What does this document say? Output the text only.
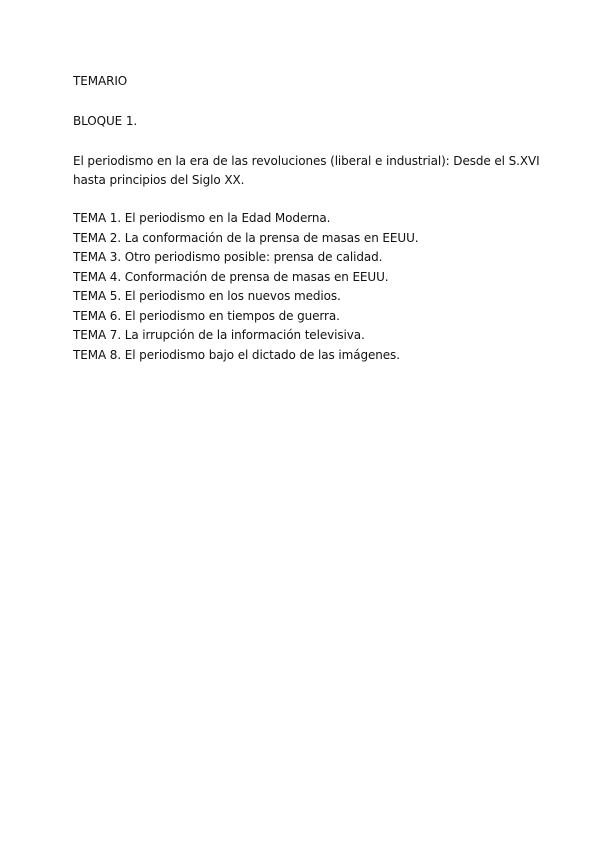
TEMARIO
BLOQUE 1.
El periodismo en la era de las revoluciones (liberal e industrial): Desde el S.XVI hasta principios del Siglo XX.
TEMA 1. El periodismo en la Edad Moderna.
TEMA 2. La conformación de la prensa de masas en EEUU.
TEMA 3. Otro periodismo posible: prensa de calidad.
TEMA 4. Conformación de prensa de masas en EEUU.
TEMA 5. El periodismo en los nuevos medios.
TEMA 6. El periodismo en tiempos de guerra.
TEMA 7. La irrupción de la información televisiva.
TEMA 8. El periodismo bajo el dictado de las imágenes.
